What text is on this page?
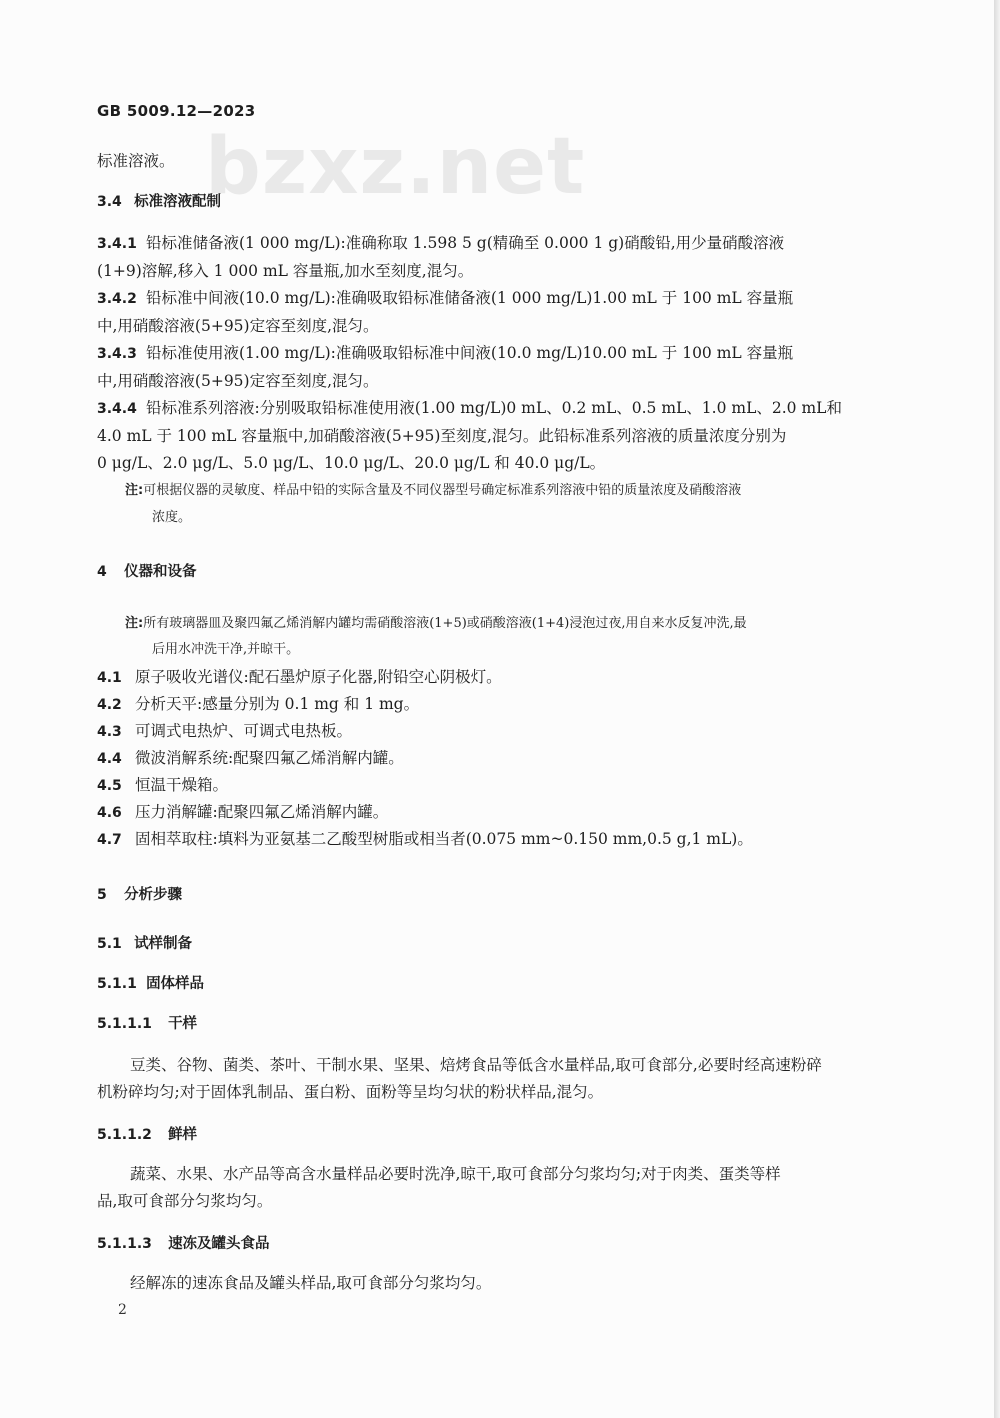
GB 5009.12—2023
bzxz.net
标准溶液。
3.4 标准溶液配制
3.4.1 铅标准储备液(1 000 mg/L):准确称取 1.598 5 g(精确至 0.000 1 g)硝酸铅,用少量硝酸溶液
(1+9)溶解,移入 1 000 mL 容量瓶,加水至刻度,混匀。
3.4.2 铅标准中间液(10.0 mg/L):准确吸取铅标准储备液(1 000 mg/L)1.00 mL 于 100 mL 容量瓶
中,用硝酸溶液(5+95)定容至刻度,混匀。
3.4.3 铅标准使用液(1.00 mg/L):准确吸取铅标准中间液(10.0 mg/L)10.00 mL 于 100 mL 容量瓶
中,用硝酸溶液(5+95)定容至刻度,混匀。
3.4.4 铅标准系列溶液:分别吸取铅标准使用液(1.00 mg/L)0 mL、0.2 mL、0.5 mL、1.0 mL、2.0 mL和
4.0 mL 于 100 mL 容量瓶中,加硝酸溶液(5+95)至刻度,混匀。此铅标准系列溶液的质量浓度分别为
0 μg/L、2.0 μg/L、5.0 μg/L、10.0 μg/L、20.0 μg/L 和 40.0 μg/L。
注:可根据仪器的灵敏度、样品中铅的实际含量及不同仪器型号确定标准系列溶液中铅的质量浓度及硝酸溶液
浓度。
4 仪器和设备
注:所有玻璃器皿及聚四氟乙烯消解内罐均需硝酸溶液(1+5)或硝酸溶液(1+4)浸泡过夜,用自来水反复冲洗,最
后用水冲洗干净,并晾干。
4.1 原子吸收光谱仪:配石墨炉原子化器,附铅空心阴极灯。
4.2 分析天平:感量分别为 0.1 mg 和 1 mg。
4.3 可调式电热炉、可调式电热板。
4.4 微波消解系统:配聚四氟乙烯消解内罐。
4.5 恒温干燥箱。
4.6 压力消解罐:配聚四氟乙烯消解内罐。
4.7 固相萃取柱:填料为亚氨基二乙酸型树脂或相当者(0.075 mm~0.150 mm,0.5 g,1 mL)。
5 分析步骤
5.1 试样制备
5.1.1 固体样品
5.1.1.1 干样
豆类、谷物、菌类、茶叶、干制水果、坚果、焙烤食品等低含水量样品,取可食部分,必要时经高速粉碎
机粉碎均匀;对于固体乳制品、蛋白粉、面粉等呈均匀状的粉状样品,混匀。
5.1.1.2 鲜样
蔬菜、水果、水产品等高含水量样品必要时洗净,晾干,取可食部分匀浆均匀;对于肉类、蛋类等样
品,取可食部分匀浆均匀。
5.1.1.3 速冻及罐头食品
经解冻的速冻食品及罐头样品,取可食部分匀浆均匀。
2
